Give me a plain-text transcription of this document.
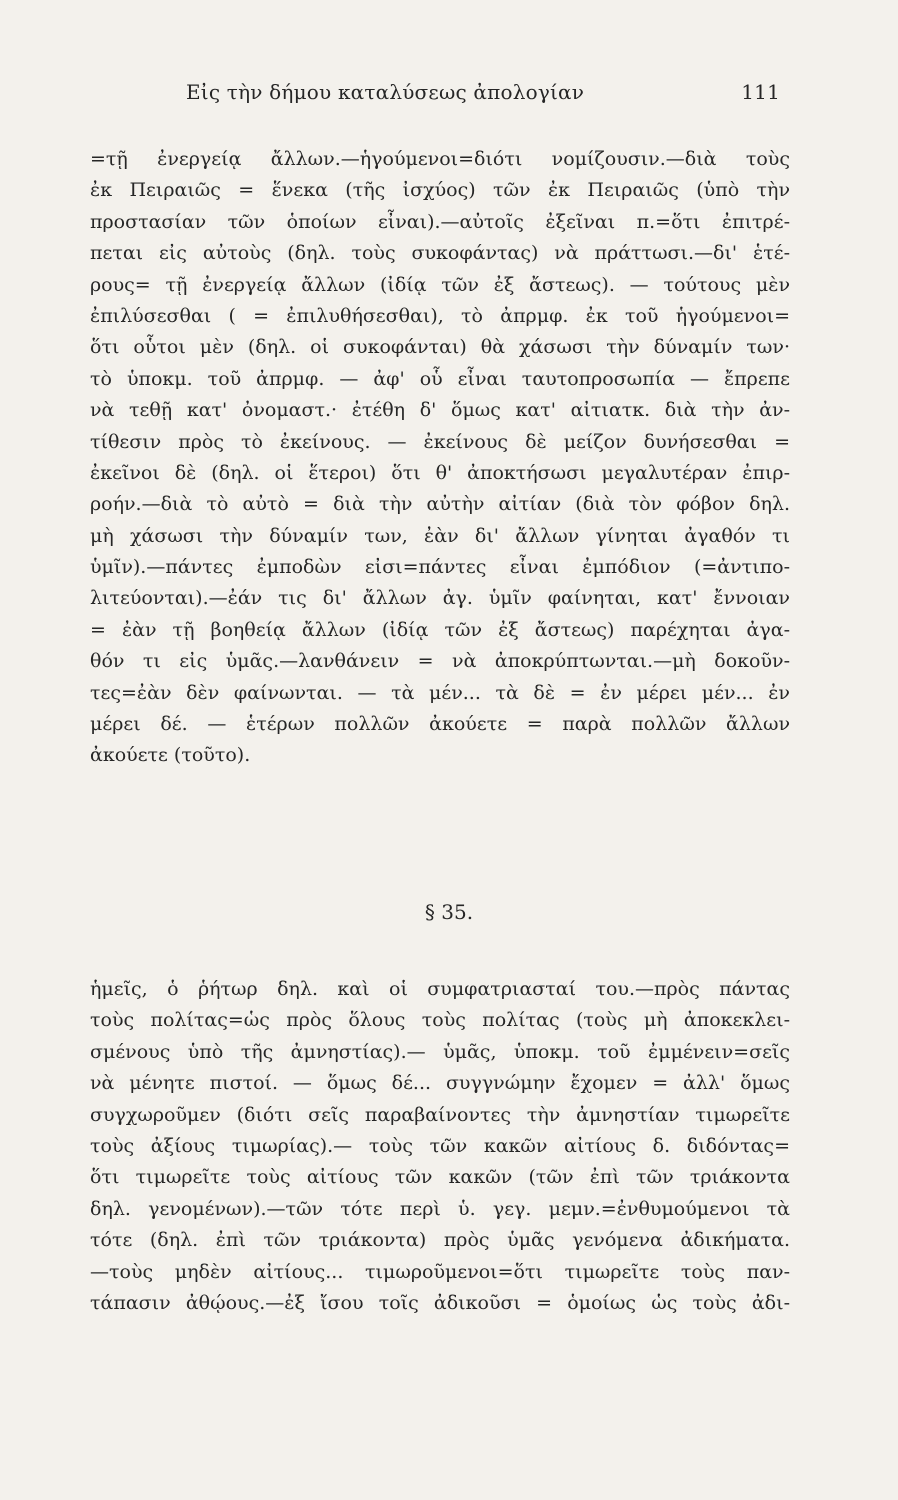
Εἰς τὴν δήμου καταλύσεως ἀπολογίαν	111
=τῇ ἐνεργείᾳ ἄλλων.—ἡγούμενοι=διότι νομίζουσιν.—διὰ τοὺς
ἐκ Πειραιῶς = ἕνεκα (τῆς ἰσχύος) τῶν ἐκ Πειραιῶς (ὑπὸ τὴν
προστασίαν τῶν ὁποίων εἶναι).—αὐτοῖς ἐξεῖναι π.=ὅτι ἐπιτρέ-
πεται εἰς αὐτοὺς (δηλ. τοὺς συκοφάντας) νὰ πράττωσι.—δι' ἑτέ-
ρους= τῇ ἐνεργείᾳ ἄλλων (ἰδίᾳ τῶν ἐξ ἄστεως). — τούτους μὲν
ἐπιλύσεσθαι ( = ἐπιλυθήσεσθαι), τὸ ἀπρμφ. ἐκ τοῦ ἡγούμενοι=
ὅτι οὗτοι μὲν (δηλ. οἱ συκοφάνται) θὰ χάσωσι τὴν δύναμίν των·
τὸ ὑποκμ. τοῦ ἀπρμφ. — ἀφ' οὗ εἶναι ταυτοπροσωπία — ἔπρεπε
νὰ τεθῇ κατ' ὀνομαστ.· ἐτέθη δ' ὅμως κατ' αἰτιατκ. διὰ τὴν ἀν-
τίθεσιν πρὸς τὸ ἐκείνους. — ἐκείνους δὲ μείζον δυνήσεσθαι =
ἐκεῖνοι δὲ (δηλ. οἱ ἕτεροι) ὅτι θ' ἀποκτήσωσι μεγαλυτέραν ἐπιρ-
ροήν.—διὰ τὸ αὐτὸ = διὰ τὴν αὐτὴν αἰτίαν (διὰ τὸν φόβον δηλ.
μὴ χάσωσι τὴν δύναμίν των, ἐὰν δι' ἄλλων γίνηται ἀγαθόν τι
ὑμῖν).—πάντες ἐμποδὼν εἰσι=πάντες εἶναι ἐμπόδιον (=ἀντιπο-
λιτεύονται).—ἐάν τις δι' ἄλλων ἀγ. ὑμῖν φαίνηται, κατ' ἔννοιαν
= ἐὰν τῇ βοηθείᾳ ἄλλων (ἰδίᾳ τῶν ἐξ ἄστεως) παρέχηται ἀγα-
θόν τι εἰς ὑμᾶς.—λανθάνειν = νὰ ἀποκρύπτωνται.—μὴ δοκοῦν-
τες=ἐὰν δὲν φαίνωνται. — τὰ μέν... τὰ δὲ = ἐν μέρει μέν... ἐν
μέρει δέ. — ἑτέρων πολλῶν ἀκούετε = παρὰ πολλῶν ἄλλων
ἀκούετε (τοῦτο).
§ 35.
ἡμεῖς, ὁ ῥήτωρ δηλ. καὶ οἱ συμφατριασταί του.—πρὸς πάντας
τοὺς πολίτας=ὡς πρὸς ὅλους τοὺς πολίτας (τοὺς μὴ ἀποκεκλει-
σμένους ὑπὸ τῆς ἀμνηστίας).— ὑμᾶς, ὑποκμ. τοῦ ἐμμένειν=σεῖς
νὰ μένητε πιστοί. — ὅμως δέ... συγγνώμην ἔχομεν = ἀλλ' ὅμως
συγχωροῦμεν (διότι σεῖς παραβαίνοντες τὴν ἀμνηστίαν τιμωρεῖτε
τοὺς ἀξίους τιμωρίας).— τοὺς τῶν κακῶν αἰτίους δ. διδόντας=
ὅτι τιμωρεῖτε τοὺς αἰτίους τῶν κακῶν (τῶν ἐπὶ τῶν τριάκοντα
δηλ. γενομένων).—τῶν τότε περὶ ὑ. γεγ. μεμν.=ἐνθυμούμενοι τὰ
τότε (δηλ. ἐπὶ τῶν τριάκοντα) πρὸς ὑμᾶς γενόμενα ἀδικήματα.
—τοὺς μηδὲν αἰτίους... τιμωροῦμενοι=ὅτι τιμωρεῖτε τοὺς παν-
τάπασιν ἀθῴους.—ἐξ ἴσου τοῖς ἀδικοῦσι = ὁμοίως ὡς τοὺς ἀδι-
